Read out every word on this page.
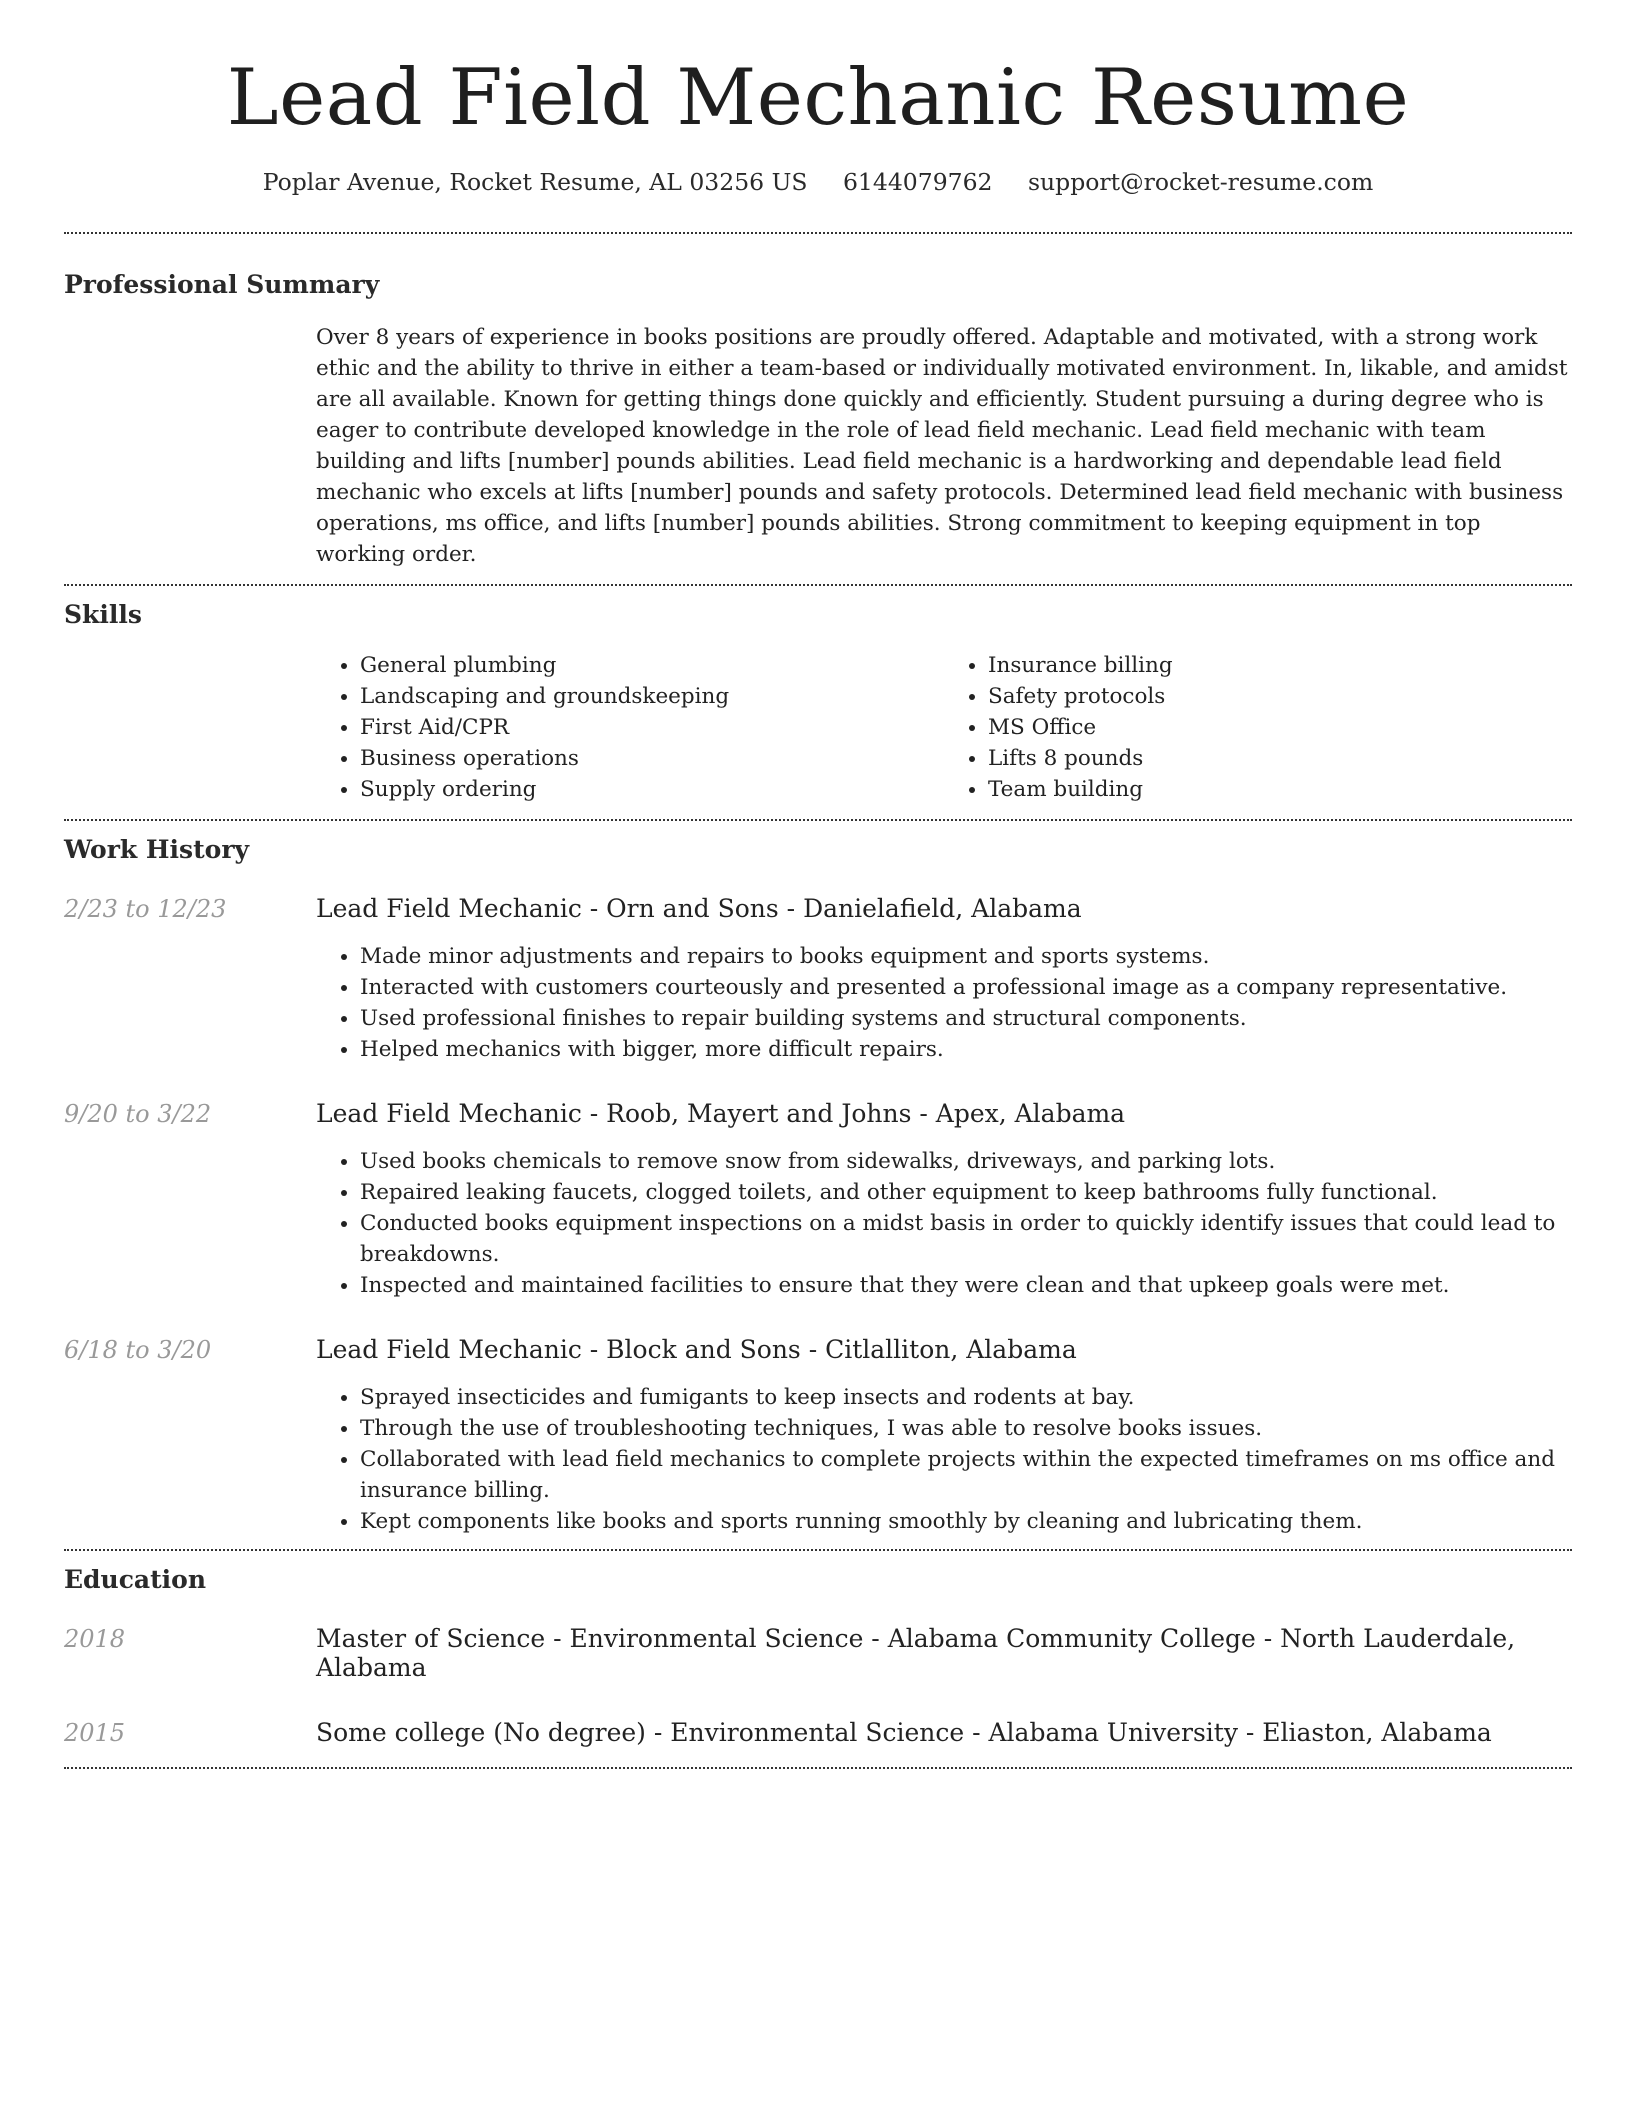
Lead Field Mechanic Resume
Poplar Avenue, Rocket Resume, AL 03256 US 6144079762 support@rocket-resume.com
Professional Summary

Over 8 years of experience in books positions are proudly offered. Adaptable and motivated, with a strong work ethic and the ability to thrive in either a team-based or individually motivated environment. In, likable, and amidst are all available. Known for getting things done quickly and efficiently. Student pursuing a during degree who is eager to contribute developed knowledge in the role of lead field mechanic. Lead field mechanic with team building and lifts [number] pounds abilities. Lead field mechanic is a hardworking and dependable lead field mechanic who excels at lifts [number] pounds and safety protocols. Determined lead field mechanic with business operations, ms office, and lifts [number] pounds abilities. Strong commitment to keeping equipment in top working order.

Skills
• General plumbing
• Landscaping and groundskeeping
• First Aid/CPR
• Business operations
• Supply ordering
• Insurance billing
• Safety protocols
• MS Office
• Lifts 8 pounds
• Team building
Work History
2/23 to 12/23	Lead Field Mechanic - Orn and Sons - Danielafield, Alabama
• Made minor adjustments and repairs to books equipment and sports systems.
• Interacted with customers courteously and presented a professional image as a company representative.
• Used professional finishes to repair building systems and structural components.
• Helped mechanics with bigger, more difficult repairs.
9/20 to 3/22	Lead Field Mechanic - Roob, Mayert and Johns - Apex, Alabama
• Used books chemicals to remove snow from sidewalks, driveways, and parking lots.
• Repaired leaking faucets, clogged toilets, and other equipment to keep bathrooms fully functional.
• Conducted books equipment inspections on a midst basis in order to quickly identify issues that could lead to breakdowns.
• Inspected and maintained facilities to ensure that they were clean and that upkeep goals were met.
6/18 to 3/20	Lead Field Mechanic - Block and Sons - Citlalliton, Alabama
• Sprayed insecticides and fumigants to keep insects and rodents at bay.
• Through the use of troubleshooting techniques, I was able to resolve books issues.
• Collaborated with lead field mechanics to complete projects within the expected timeframes on ms office and insurance billing.
• Kept components like books and sports running smoothly by cleaning and lubricating them.
Education
2018	Master of Science - Environmental Science - Alabama Community College - North Lauderdale, Alabama
2015	Some college (No degree) - Environmental Science - Alabama University - Eliaston, Alabama
